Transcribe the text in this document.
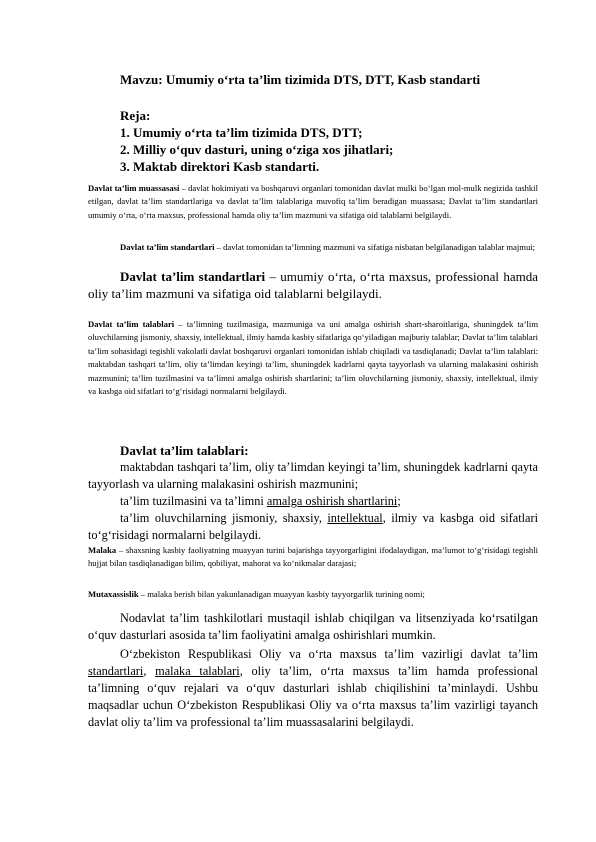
Mavzu: Umumiy o‘rta ta’lim tizimida DTS, DTT, Kasb standarti
Reja:
1. Umumiy o‘rta ta’lim tizimida DTS, DTT;
2. Milliy o‘quv dasturi, uning o‘ziga xos jihatlari;
3. Maktab direktori Kasb standarti.

Davlat ta’lim muassasasi – davlat hokimiyati va boshqaruvi organlari tomonidan davlat mulki bo‘lgan mol-mulk negizida tashkil etilgan, davlat ta’lim standartlariga va davlat ta’lim talablariga muvofiq ta’lim beradigan muassasa; Davlat ta’lim standartlari umumiy o‘rta, o‘rta maxsus, professional hamda oliy ta’lim mazmuni va sifatiga oid talablarni belgilaydi.

Davlat ta’lim standartlari – davlat tomonidan ta’limning mazmuni va sifatiga nisbatan belgilanadigan talablar majmui;

Davlat ta’lim standartlari – umumiy o‘rta, o‘rta maxsus, professional hamda oliy ta’lim mazmuni va sifatiga oid talablarni belgilaydi.

Davlat ta’lim talablari – ta’limning tuzilmasiga, mazmuniga va uni amalga oshirish shart-sharoitlariga, shuningdek ta’lim oluvchilarning jismoniy, shaxsiy, intellektual, ilmiy hamda kasbiy sifatlariga qo‘yiladigan majburiy talablar; Davlat ta’lim talablari ta’lim sohasidagi tegishli vakolatli davlat boshqaruvi organlari tomonidan ishlab chiqiladi va tasdiqlanadi; Davlat ta’lim talablari: maktabdan tashqari ta’lim, oliy ta’limdan keyingi ta’lim, shuningdek kadrlarni qayta tayyorlash va ularning malakasini oshirish mazmunini; ta’lim tuzilmasini va ta’limni amalga oshirish shartlarini; ta’lim oluvchilarning jismoniy, shaxsiy, intellektual, ilmiy va kasbga oid sifatlari to‘g‘risidagi normalarni belgilaydi.

Davlat ta’lim talablari:
maktabdan tashqari ta’lim, oliy ta’limdan keyingi ta’lim, shuningdek kadrlarni qayta tayyorlash va ularning malakasini oshirish mazmunini;
ta’lim tuzilmasini va ta’limni amalga oshirish shartlarini;
ta’lim oluvchilarning jismoniy, shaxsiy, intellektual, ilmiy va kasbga oid sifatlari to‘g‘risidagi normalarni belgilaydi.

Malaka – shaxsning kasbiy faoliyatning muayyan turini bajarishga tayyorgarligini ifodalaydigan, ma’lumot to‘g‘risidagi tegishli hujjat bilan tasdiqlanadigan bilim, qobiliyat, mahorat va ko‘nikmalar darajasi;

Mutaxassislik – malaka berish bilan yakunlanadigan muayyan kasbiy tayyorgarlik turining nomi;

Nodavlat ta’lim tashkilotlari mustaqil ishlab chiqilgan va litsenziyada ko‘rsatilgan o‘quv dasturlari asosida ta’lim faoliyatini amalga oshirishlari mumkin.

O‘zbekiston Respublikasi Oliy va o‘rta maxsus ta’lim vazirligi davlat ta’lim standartlari, malaka talablari, oliy ta’lim, o‘rta maxsus ta’lim hamda professional ta’limning o‘quv rejalari va o‘quv dasturlari ishlab chiqilishini ta’minlaydi. Ushbu maqsadlar uchun O‘zbekiston Respublikasi Oliy va o‘rta maxsus ta’lim vazirligi tayanch davlat oliy ta’lim va professional ta’lim muassasalarini belgilaydi.
